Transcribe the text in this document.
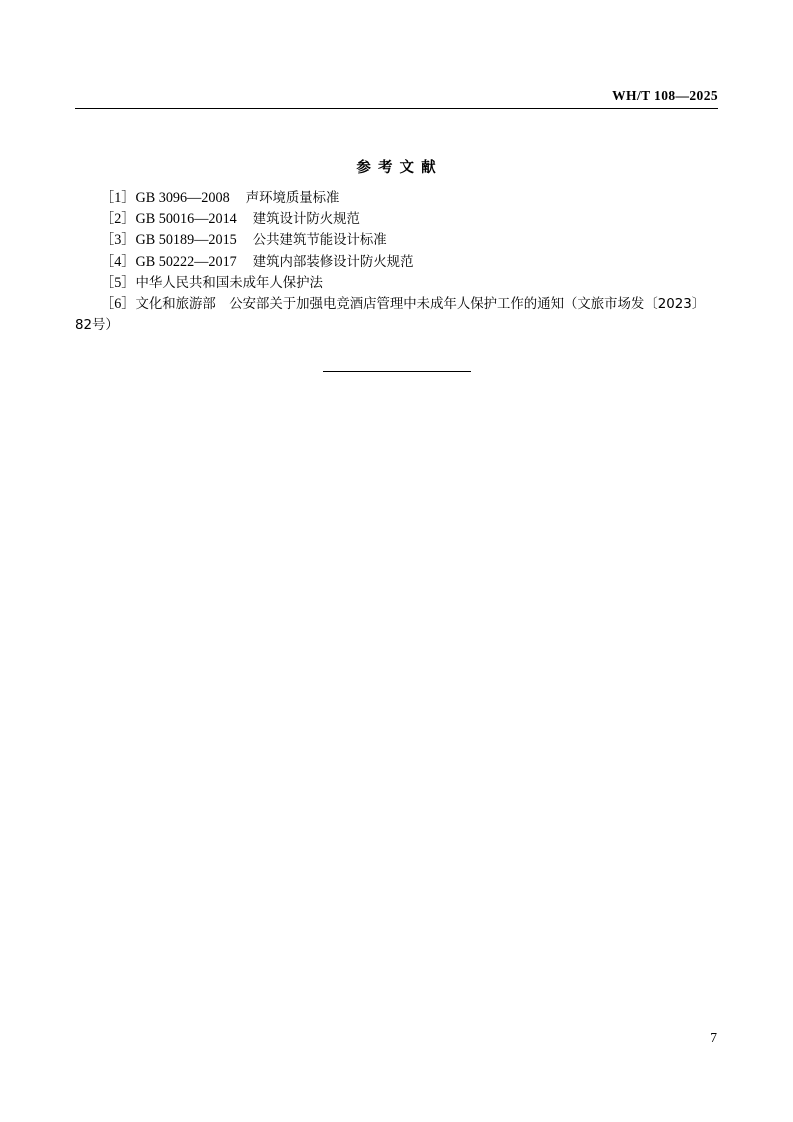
WH/T 108—2025
参 考 文 献
［1］GB 3096—2008 声环境质量标准
［2］GB 50016—2014 建筑设计防火规范
［3］GB 50189—2015 公共建筑节能设计标准
［4］GB 50222—2017 建筑内部装修设计防火规范
［5］中华人民共和国未成年人保护法
［6］文化和旅游部　公安部关于加强电竞酒店管理中未成年人保护工作的通知（文旅市场发〔2023〕82号）
7
